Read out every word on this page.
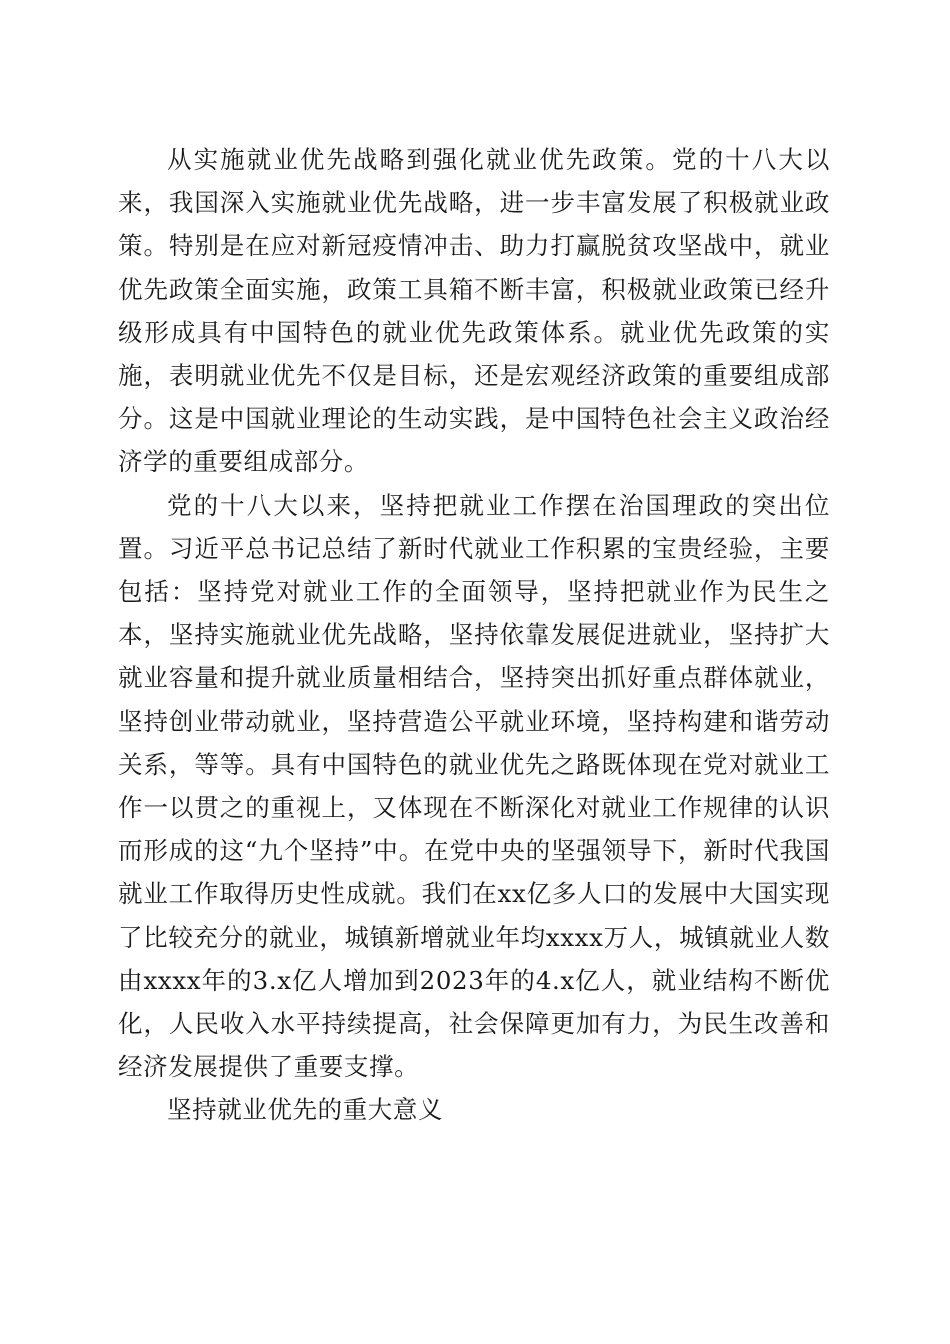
从实施就业优先战略到强化就业优先政策。党的十八大以来，我国深入实施就业优先战略，进一步丰富发展了积极就业政策。特别是在应对新冠疫情冲击、助力打赢脱贫攻坚战中，就业优先政策全面实施，政策工具箱不断丰富，积极就业政策已经升级形成具有中国特色的就业优先政策体系。就业优先政策的实施，表明就业优先不仅是目标，还是宏观经济政策的重要组成部分。这是中国就业理论的生动实践，是中国特色社会主义政治经济学的重要组成部分。

党的十八大以来，坚持把就业工作摆在治国理政的突出位置。习近平总书记总结了新时代就业工作积累的宝贵经验，主要包括：坚持党对就业工作的全面领导，坚持把就业作为民生之本，坚持实施就业优先战略，坚持依靠发展促进就业，坚持扩大就业容量和提升就业质量相结合，坚持突出抓好重点群体就业，坚持创业带动就业，坚持营造公平就业环境，坚持构建和谐劳动关系，等等。具有中国特色的就业优先之路既体现在党对就业工作一以贯之的重视上，又体现在不断深化对就业工作规律的认识而形成的这“九个坚持”中。在党中央的坚强领导下，新时代我国就业工作取得历史性成就。我们在xx亿多人口的发展中大国实现了比较充分的就业，城镇新增就业年均xxxx万人，城镇就业人数由xxxx年的3.x亿人增加到2023年的4.x亿人，就业结构不断优化，人民收入水平持续提高，社会保障更加有力，为民生改善和经济发展提供了重要支撑。

坚持就业优先的重大意义
